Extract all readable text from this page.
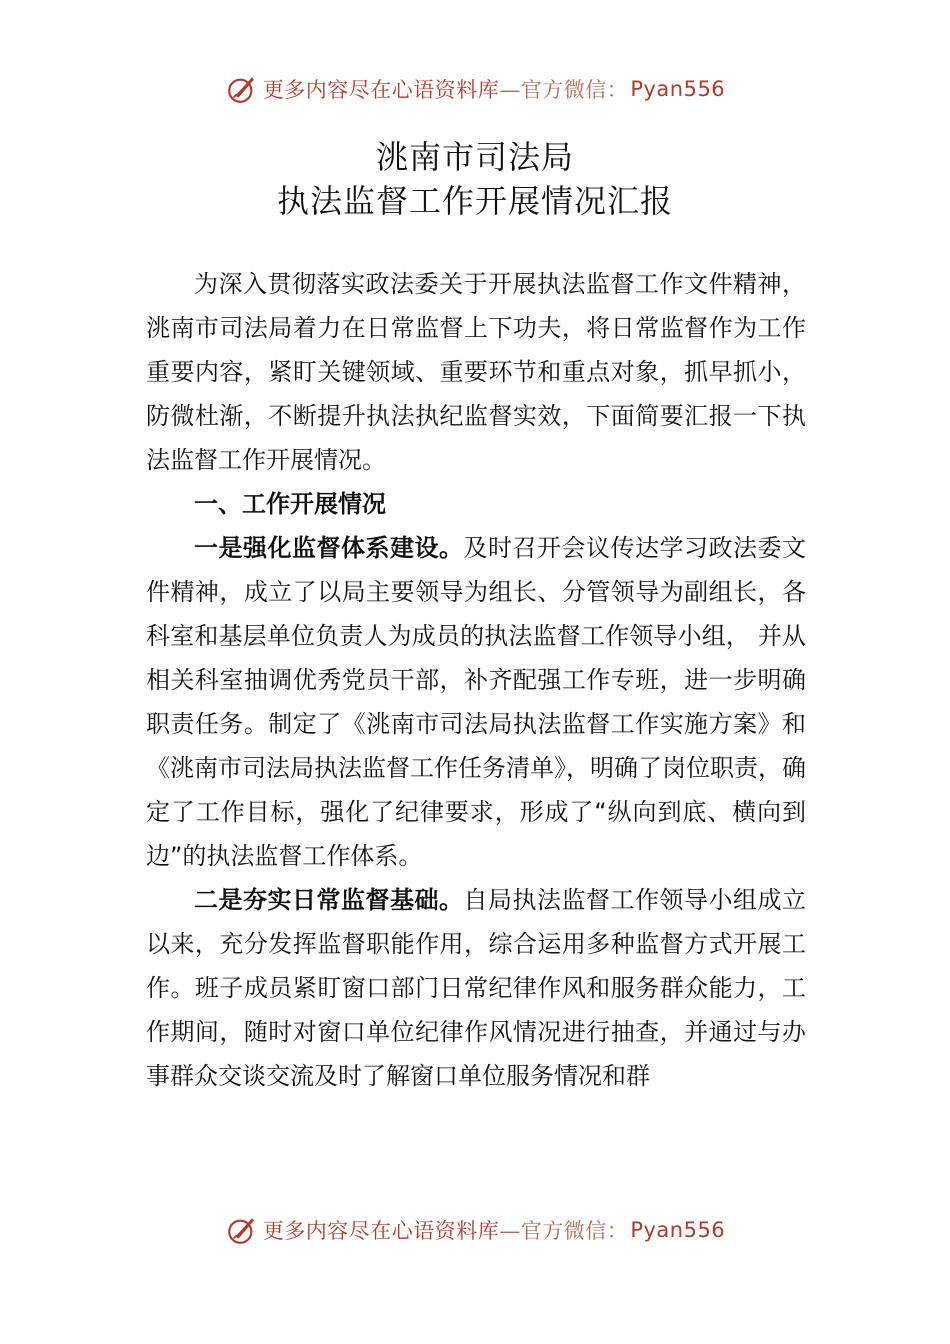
更多内容尽在心语资料库 —官方微信： Pyan556
洮南市司法局
执法监督工作开展情况汇报

为深入贯彻落实政法委关于开展执法监督工作文件精神，洮南市司法局着力在日常监督上下功夫，将日常监督作为工作重要内容，紧盯关键领域、重要环节和重点对象，抓早抓小，防微杜渐，不断提升执法执纪监督实效，下面简要汇报一下执法监督工作开展情况。

一、工作开展情况

一是强化监督体系建设。及时召开会议传达学习政法委文件精神，成立了以局主要领导为组长、分管领导为副组长，各科室和基层单位负责人为成员的执法监督工作领导小组， 并从相关科室抽调优秀党员干部，补齐配强工作专班，进一步明确职责任务。制定了《洮南市司法局执法监督工作实施方案》和《洮南市司法局执法监督工作任务清单》，明确了岗位职责，确定了工作目标，强化了纪律要求，形成了“纵向到底、横向到边”的执法监督工作体系。

二是夯实日常监督基础。自局执法监督工作领导小组成立以来，充分发挥监督职能作用，综合运用多种监督方式开展工作。班子成员紧盯窗口部门日常纪律作风和服务群众能力，工作期间，随时对窗口单位纪律作风情况进行抽查，并通过与办事群众交谈交流及时了解窗口单位服务情况和群

更多内容尽在心语资料库 —官方微信： Pyan556
